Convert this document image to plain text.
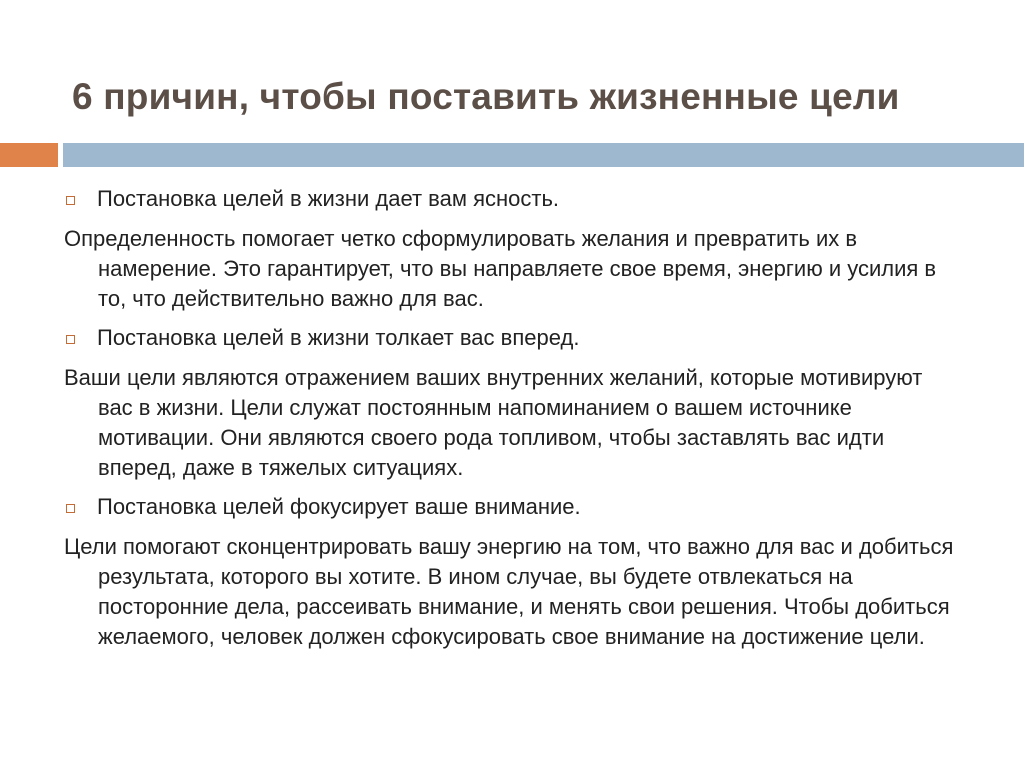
6 причин, чтобы поставить жизненные цели
Постановка целей в жизни дает вам ясность.

Определенность помогает четко сформулировать желания и превратить их в намерение. Это гарантирует, что вы направляете свое время, энергию и усилия в то, что действительно важно для вас.

Постановка целей в жизни толкает вас вперед.

Ваши цели являются отражением ваших внутренних желаний, которые мотивируют вас в жизни. Цели служат постоянным напоминанием о вашем источнике мотивации. Они являются своего рода топливом, чтобы заставлять вас идти вперед, даже в тяжелых ситуациях.

Постановка целей фокусирует ваше внимание.

Цели помогают сконцентрировать вашу энергию на том, что важно для вас и добиться результата, которого вы хотите. В ином случае, вы будете отвлекаться на посторонние дела, рассеивать внимание, и менять свои решения. Чтобы добиться желаемого, человек должен сфокусировать свое внимание на достижение цели.
